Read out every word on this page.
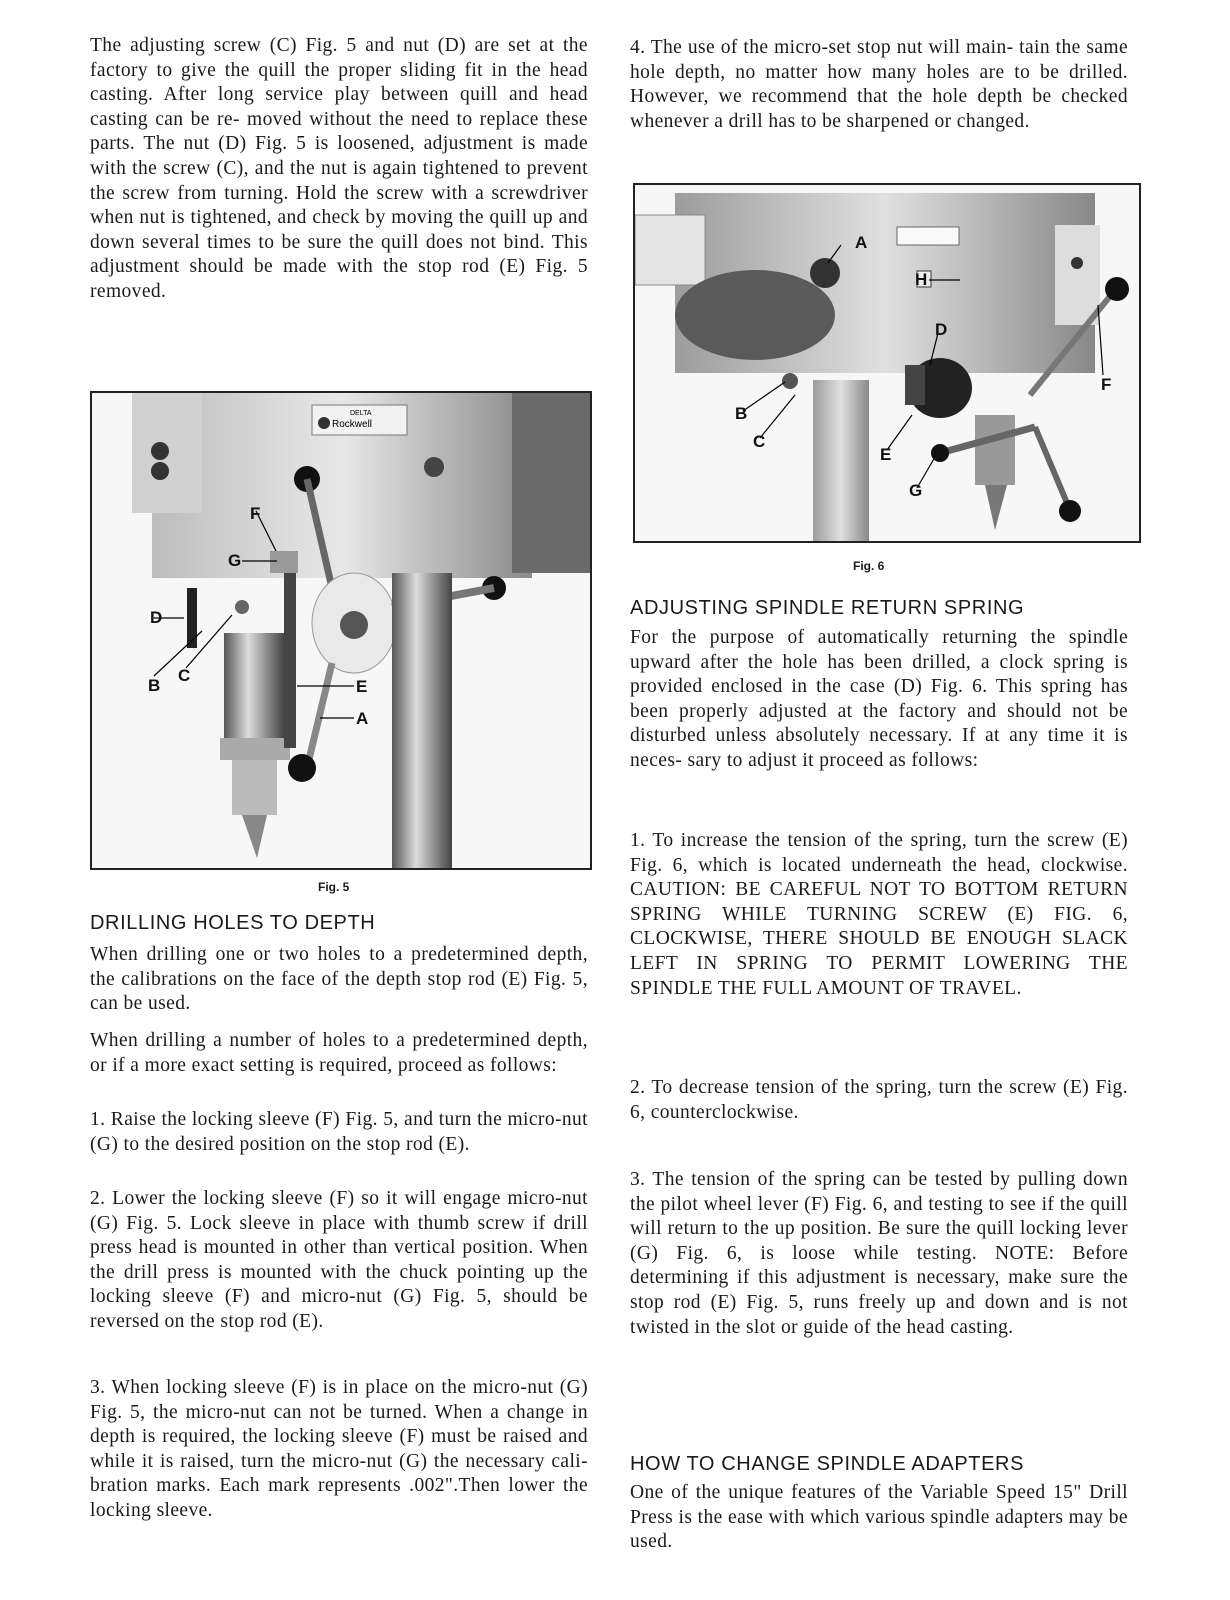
The adjusting screw (C) Fig. 5 and nut (D) are set at the factory to give the quill the proper sliding fit in the head casting. After long service play between quill and head casting can be re- moved without the need to replace these parts. The nut (D) Fig. 5 is loosened, adjustment is made with the screw (C), and the nut is again tightened to prevent the screw from turning. Hold the screw with a screwdriver when nut is tightened, and check by moving the quill up and down several times to be sure the quill does not bind. This adjustment should be made with the stop rod (E) Fig. 5 removed.

DELTA
Rockwell
D
B
C
G
F
E
A
Fig. 5
DRILLING HOLES TO DEPTH

When drilling one or two holes to a predetermined depth, the calibrations on the face of the depth stop rod (E) Fig. 5, can be used.

When drilling a number of holes to a predetermined depth, or if a more exact setting is required, proceed as follows:

1. Raise the locking sleeve (F) Fig. 5, and turn the micro-nut (G) to the desired position on the stop rod (E).

2. Lower the locking sleeve (F) so it will engage micro-nut (G) Fig. 5. Lock sleeve in place with thumb screw if drill press head is mounted in other than vertical position. When the drill press is mounted with the chuck pointing up the locking sleeve (F) and micro-nut (G) Fig. 5, should be reversed on the stop rod (E).

3. When locking sleeve (F) is in place on the micro-nut (G) Fig. 5, the micro-nut can not be turned. When a change in depth is required, the locking sleeve (F) must be raised and while it is raised, turn the micro-nut (G) the necessary cali- bration marks. Each mark represents .002".Then lower the locking sleeve.

4. The use of the micro-set stop nut will main- tain the same hole depth, no matter how many holes are to be drilled. However, we recommend that the hole depth be checked whenever a drill has to be sharpened or changed.

A
H
D
B
C
E
G
F
Fig. 6
ADJUSTING SPINDLE RETURN SPRING

For the purpose of automatically returning the spindle upward after the hole has been drilled, a clock spring is provided enclosed in the case (D) Fig. 6. This spring has been properly adjusted at the factory and should not be disturbed unless absolutely necessary. If at any time it is neces- sary to adjust it proceed as follows:

1. To increase the tension of the spring, turn the screw (E) Fig. 6, which is located underneath the head, clockwise. CAUTION: BE CAREFUL NOT TO BOTTOM RETURN SPRING WHILE TURNING SCREW (E) FIG. 6, CLOCKWISE, THERE SHOULD BE ENOUGH SLACK LEFT IN SPRING TO PERMIT LOWERING THE SPINDLE THE FULL AMOUNT OF TRAVEL.

2. To decrease tension of the spring, turn the screw (E) Fig. 6, counterclockwise.

3. The tension of the spring can be tested by pulling down the pilot wheel lever (F) Fig. 6, and testing to see if the quill will return to the up position. Be sure the quill locking lever (G) Fig. 6, is loose while testing. NOTE: Before determining if this adjustment is necessary, make sure the stop rod (E) Fig. 5, runs freely up and down and is not twisted in the slot or guide of the head casting.

HOW TO CHANGE SPINDLE ADAPTERS

One of the unique features of the Variable Speed 15" Drill Press is the ease with which various spindle adapters may be used.
